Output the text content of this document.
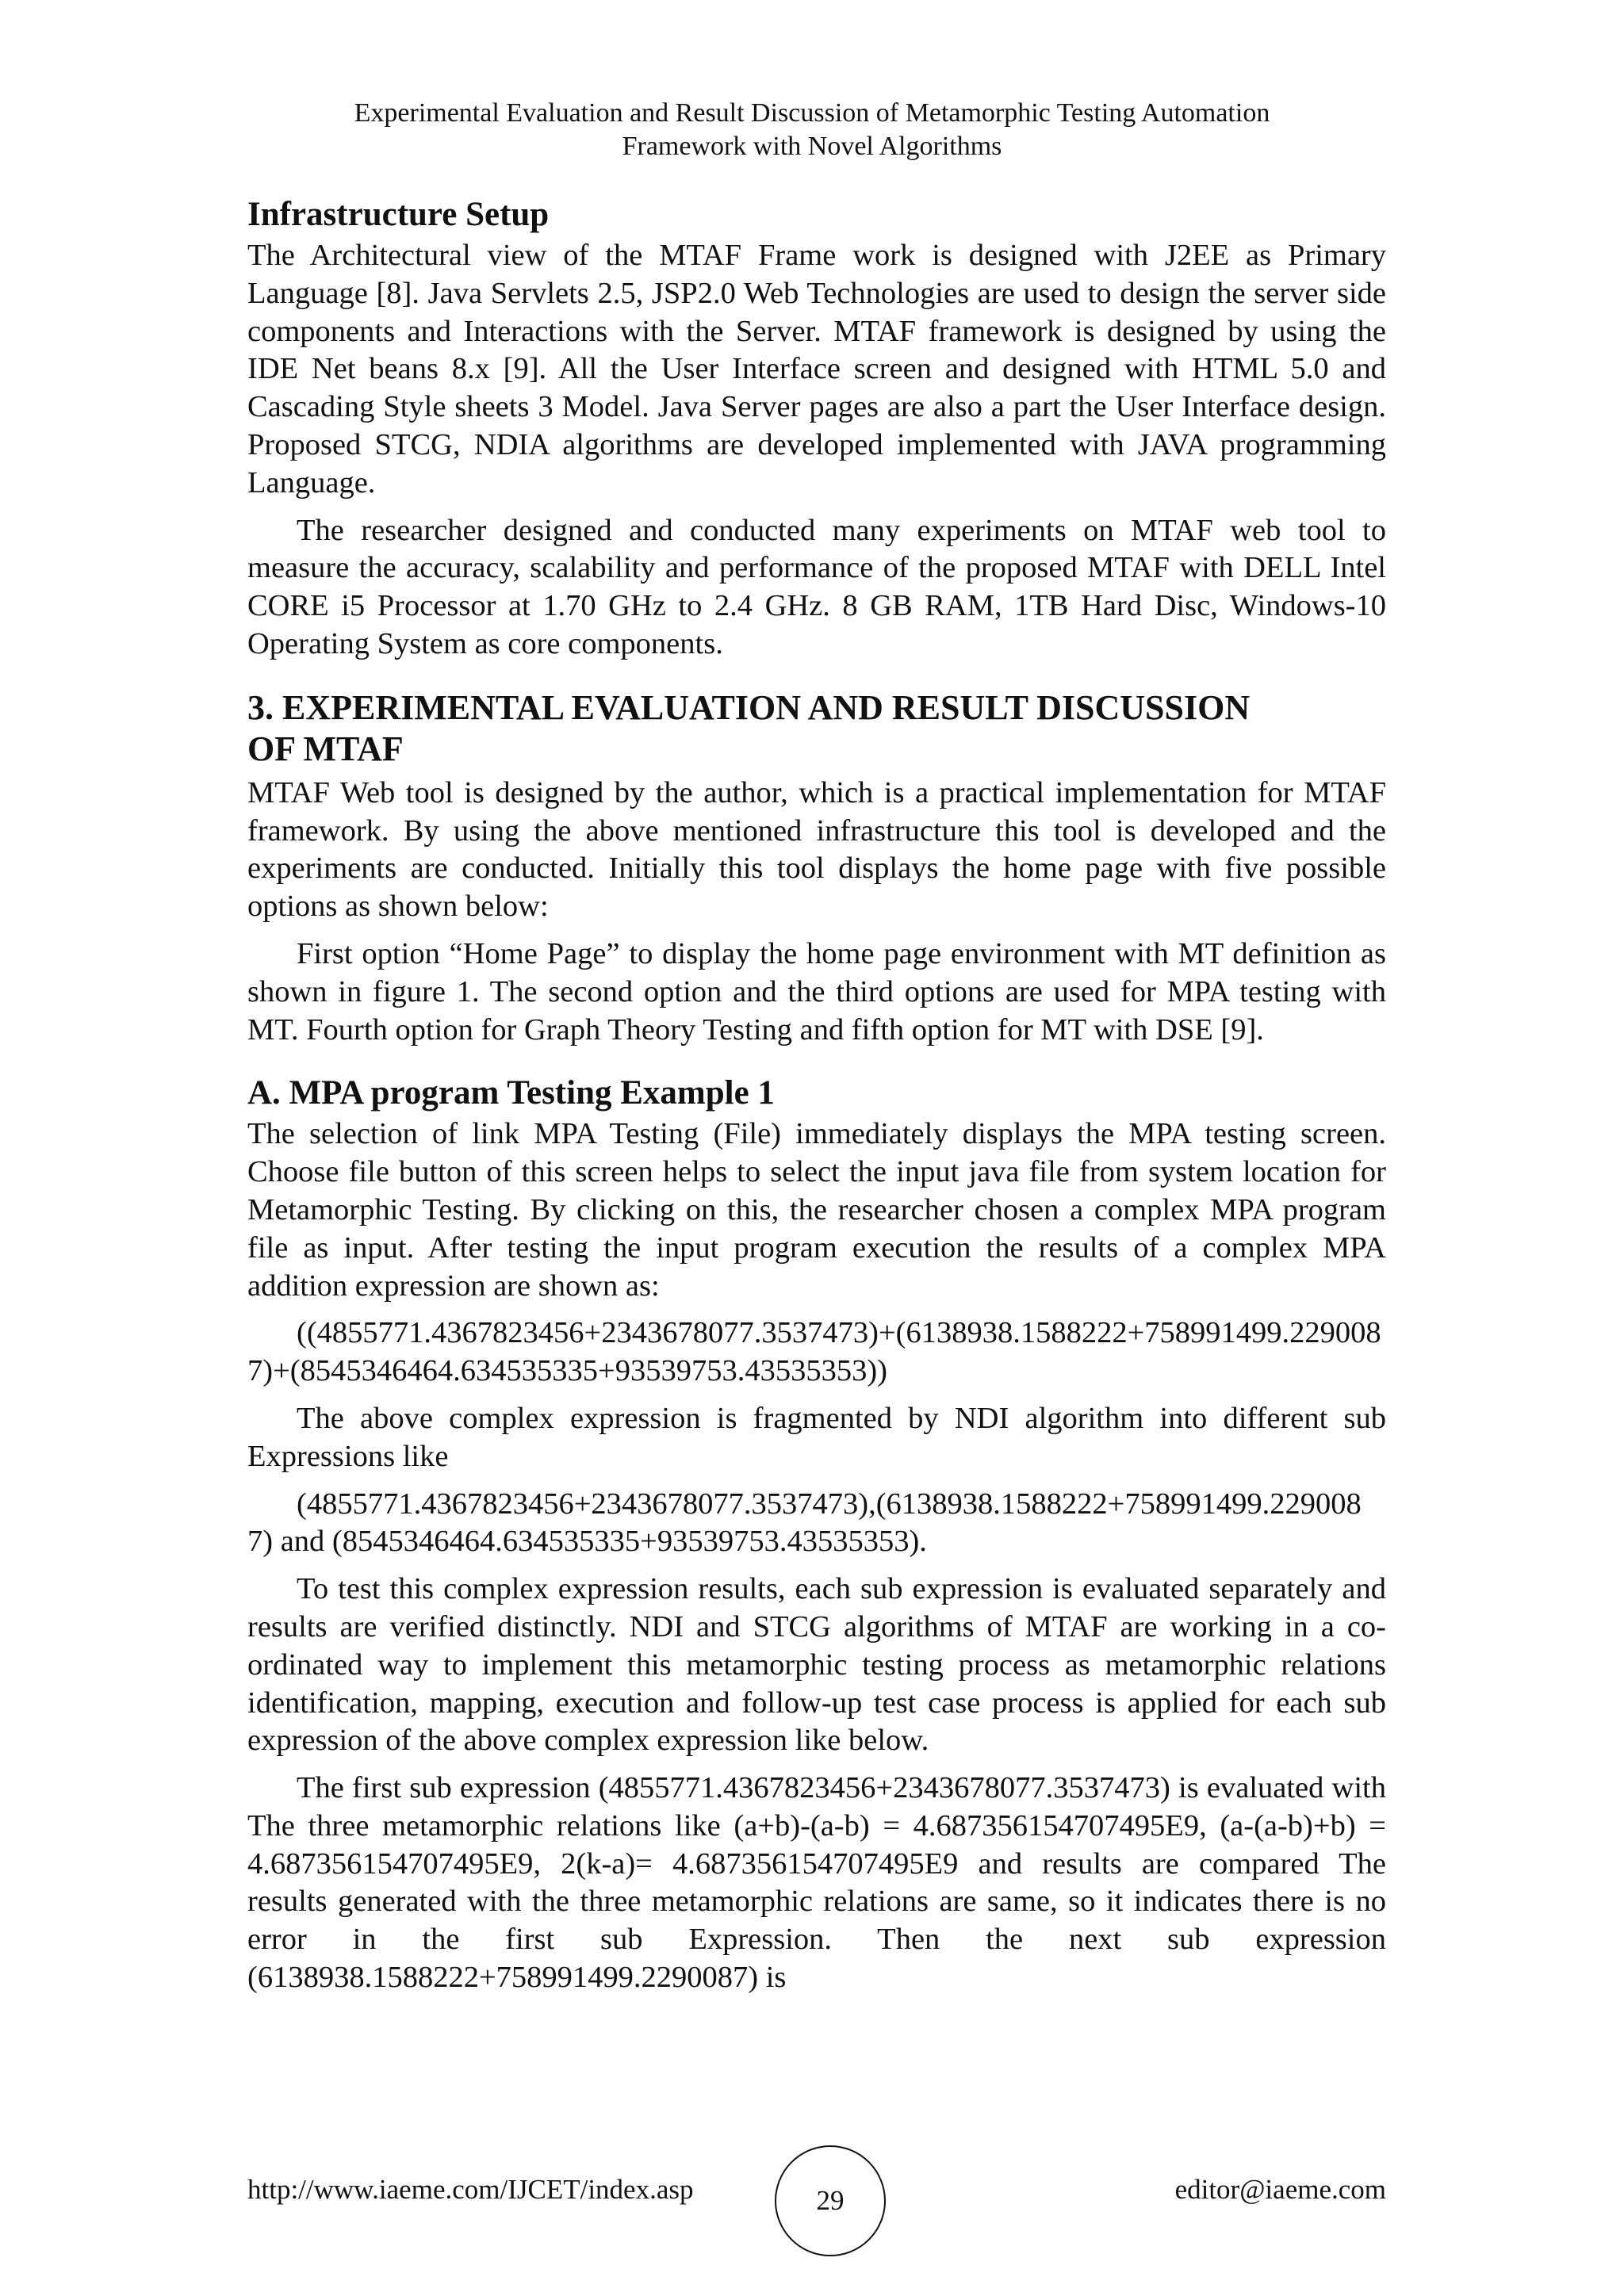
Experimental Evaluation and Result Discussion of Metamorphic Testing Automation
Framework with Novel Algorithms
Infrastructure Setup

The Architectural view of the MTAF Frame work is designed with J2EE as Primary Language [8]. Java Servlets 2.5, JSP2.0 Web Technologies are used to design the server side components and Interactions with the Server. MTAF framework is designed by using the IDE Net beans 8.x [9]. All the User Interface screen and designed with HTML 5.0 and Cascading Style sheets 3 Model. Java Server pages are also a part the User Interface design. Proposed STCG, NDIA algorithms are developed implemented with JAVA programming Language.

The researcher designed and conducted many experiments on MTAF web tool to measure the accuracy, scalability and performance of the proposed MTAF with DELL Intel CORE i5 Processor at 1.70 GHz to 2.4 GHz. 8 GB RAM, 1TB Hard Disc, Windows-10 Operating System as core components.

3. EXPERIMENTAL EVALUATION AND RESULT DISCUSSION
OF MTAF

MTAF Web tool is designed by the author, which is a practical implementation for MTAF framework. By using the above mentioned infrastructure this tool is developed and the experiments are conducted. Initially this tool displays the home page with five possible options as shown below:

First option “Home Page” to display the home page environment with MT definition as shown in figure 1. The second option and the third options are used for MPA testing with MT. Fourth option for Graph Theory Testing and fifth option for MT with DSE [9].

A. MPA program Testing Example 1

The selection of link MPA Testing (File) immediately displays the MPA testing screen. Choose file button of this screen helps to select the input java file from system location for Metamorphic Testing. By clicking on this, the researcher chosen a complex MPA program file as input. After testing the input program execution the results of a complex MPA addition expression are shown as:

((4855771.4367823456+2343678077.3537473)+(6138938.1588222+758991499.2290087)+(8545346464.634535335+93539753.43535353))

The above complex expression is fragmented by NDI algorithm into different sub Expressions like

(4855771.4367823456+2343678077.3537473),(6138938.1588222+758991499.2290087) and (8545346464.634535335+93539753.43535353).

To test this complex expression results, each sub expression is evaluated separately and results are verified distinctly. NDI and STCG algorithms of MTAF are working in a co-ordinated way to implement this metamorphic testing process as metamorphic relations identification, mapping, execution and follow-up test case process is applied for each sub expression of the above complex expression like below.

The first sub expression (4855771.4367823456+2343678077.3537473) is evaluated with The three metamorphic relations like (a+b)-(a-b) = 4.687356154707495E9, (a-(a-b)+b) = 4.687356154707495E9, 2(k-a)= 4.687356154707495E9 and results are compared The results generated with the three metamorphic relations are same, so it indicates there is no error in the first sub Expression. Then the next sub expression (6138938.1588222+758991499.2290087) is

http://www.iaeme.com/IJCET/index.asp	29	editor@iaeme.com
